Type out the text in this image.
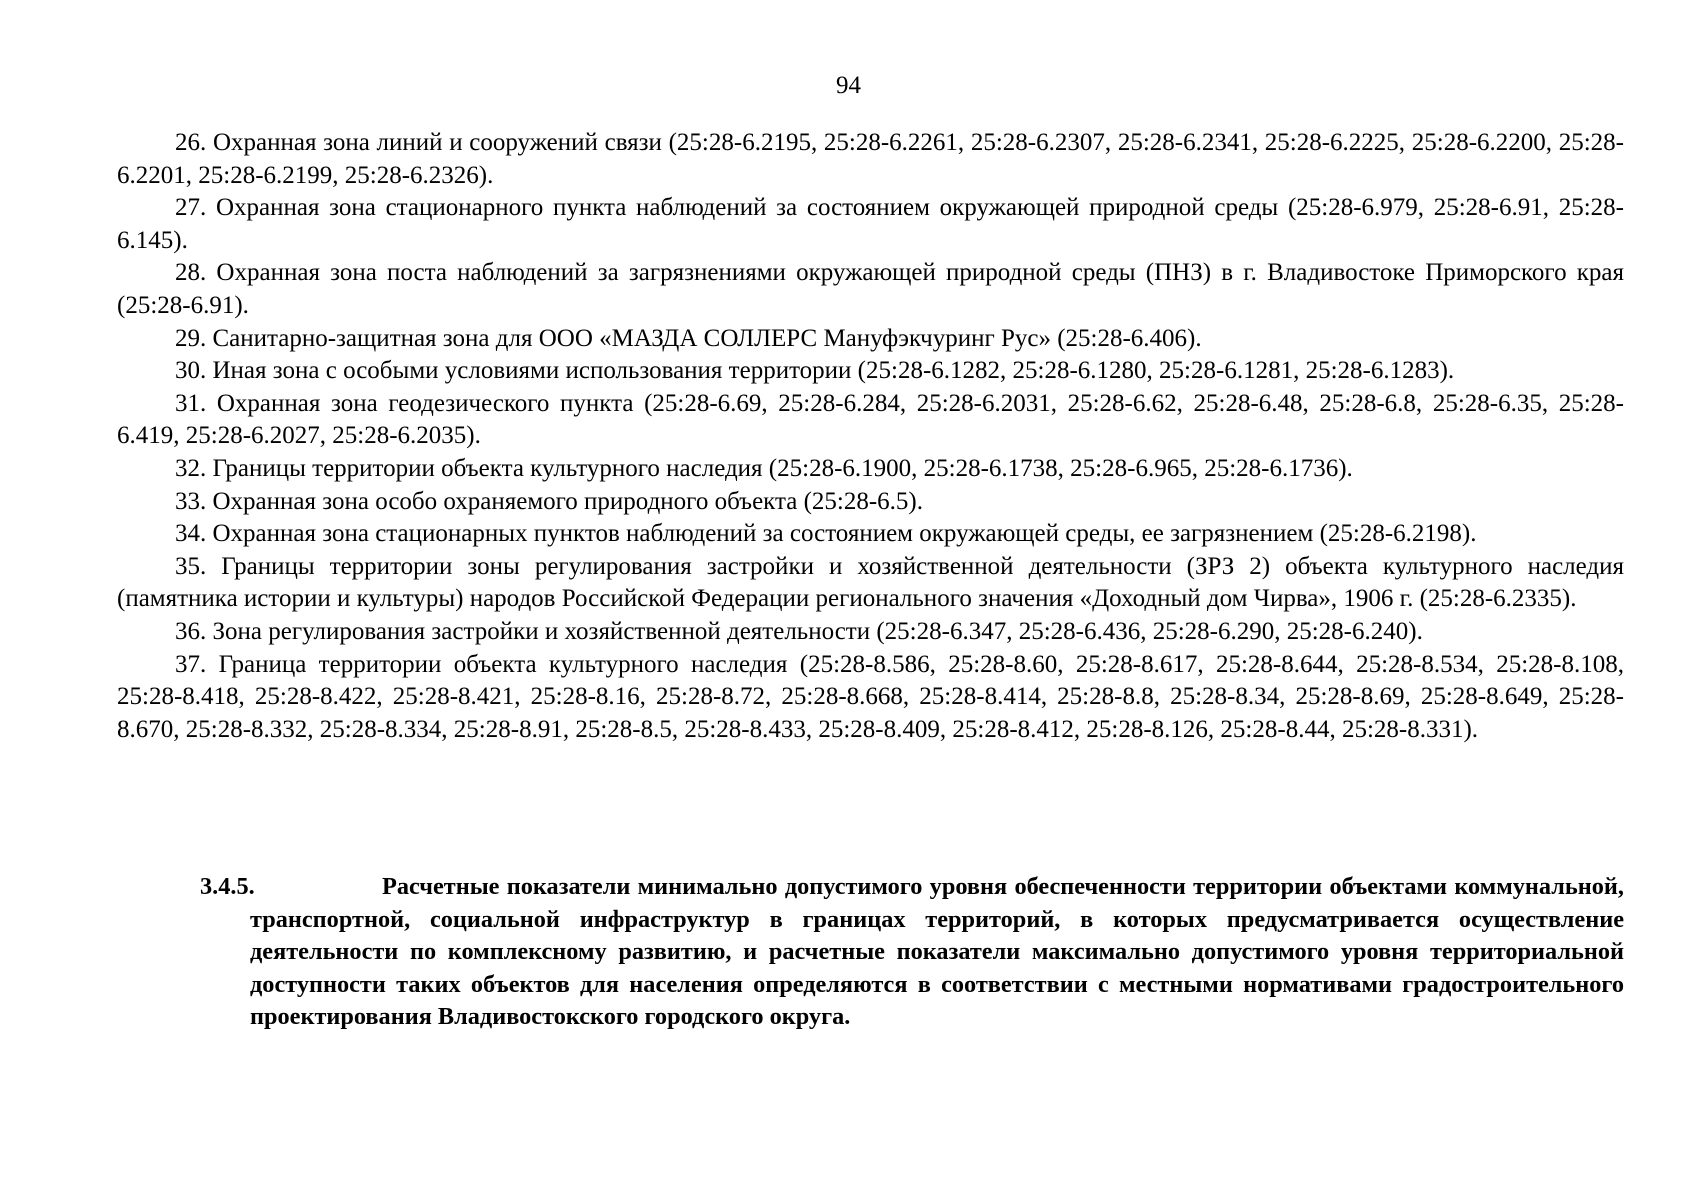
94

26. Охранная зона линий и сооружений связи (25:28-6.2195, 25:28-6.2261, 25:28-6.2307, 25:28-6.2341, 25:28-6.2225, 25:28-6.2200, 25:28-6.2201, 25:28-6.2199, 25:28-6.2326).

27. Охранная зона стационарного пункта наблюдений за состоянием окружающей природной среды (25:28-6.979, 25:28-6.91, 25:28-6.145).

28. Охранная зона поста наблюдений за загрязнениями окружающей природной среды (ПНЗ) в г. Владивостоке Приморского края (25:28-6.91).

29. Санитарно-защитная зона для ООО «МАЗДА СОЛЛЕРС Мануфэкчуринг Рус» (25:28-6.406).

30. Иная зона с особыми условиями использования территории (25:28-6.1282, 25:28-6.1280, 25:28-6.1281, 25:28-6.1283).

31. Охранная зона геодезического пункта (25:28-6.69, 25:28-6.284, 25:28-6.2031, 25:28-6.62, 25:28-6.48, 25:28-6.8, 25:28-6.35, 25:28-6.419, 25:28-6.2027, 25:28-6.2035).

32. Границы территории объекта культурного наследия (25:28-6.1900, 25:28-6.1738, 25:28-6.965, 25:28-6.1736).

33. Охранная зона особо охраняемого природного объекта (25:28-6.5).

34. Охранная зона стационарных пунктов наблюдений за состоянием окружающей среды, ее загрязнением (25:28-6.2198).

35. Границы территории зоны регулирования застройки и хозяйственной деятельности (ЗРЗ 2) объекта культурного наследия (памятника истории и культуры) народов Российской Федерации регионального значения «Доходный дом Чирва», 1906 г. (25:28-6.2335).

36. Зона регулирования застройки и хозяйственной деятельности (25:28-6.347, 25:28-6.436, 25:28-6.290, 25:28-6.240).

37. Граница территории объекта культурного наследия (25:28-8.586, 25:28-8.60, 25:28-8.617, 25:28-8.644, 25:28-8.534, 25:28-8.108, 25:28-8.418, 25:28-8.422, 25:28-8.421, 25:28-8.16, 25:28-8.72, 25:28-8.668, 25:28-8.414, 25:28-8.8, 25:28-8.34, 25:28-8.69, 25:28-8.649, 25:28-8.670, 25:28-8.332, 25:28-8.334, 25:28-8.91, 25:28-8.5, 25:28-8.433, 25:28-8.409, 25:28-8.412, 25:28-8.126, 25:28-8.44, 25:28-8.331).

3.4.5.	Расчетные показатели минимально допустимого уровня обеспеченности территории объектами коммунальной, транспортной, социальной инфраструктур в границах территорий, в которых предусматривается осуществление деятельности по комплексному развитию, и расчетные показатели максимально допустимого уровня территориальной доступности таких объектов для населения определяются в соответствии с местными нормативами градостроительного проектирования Владивостокского городского округа.
